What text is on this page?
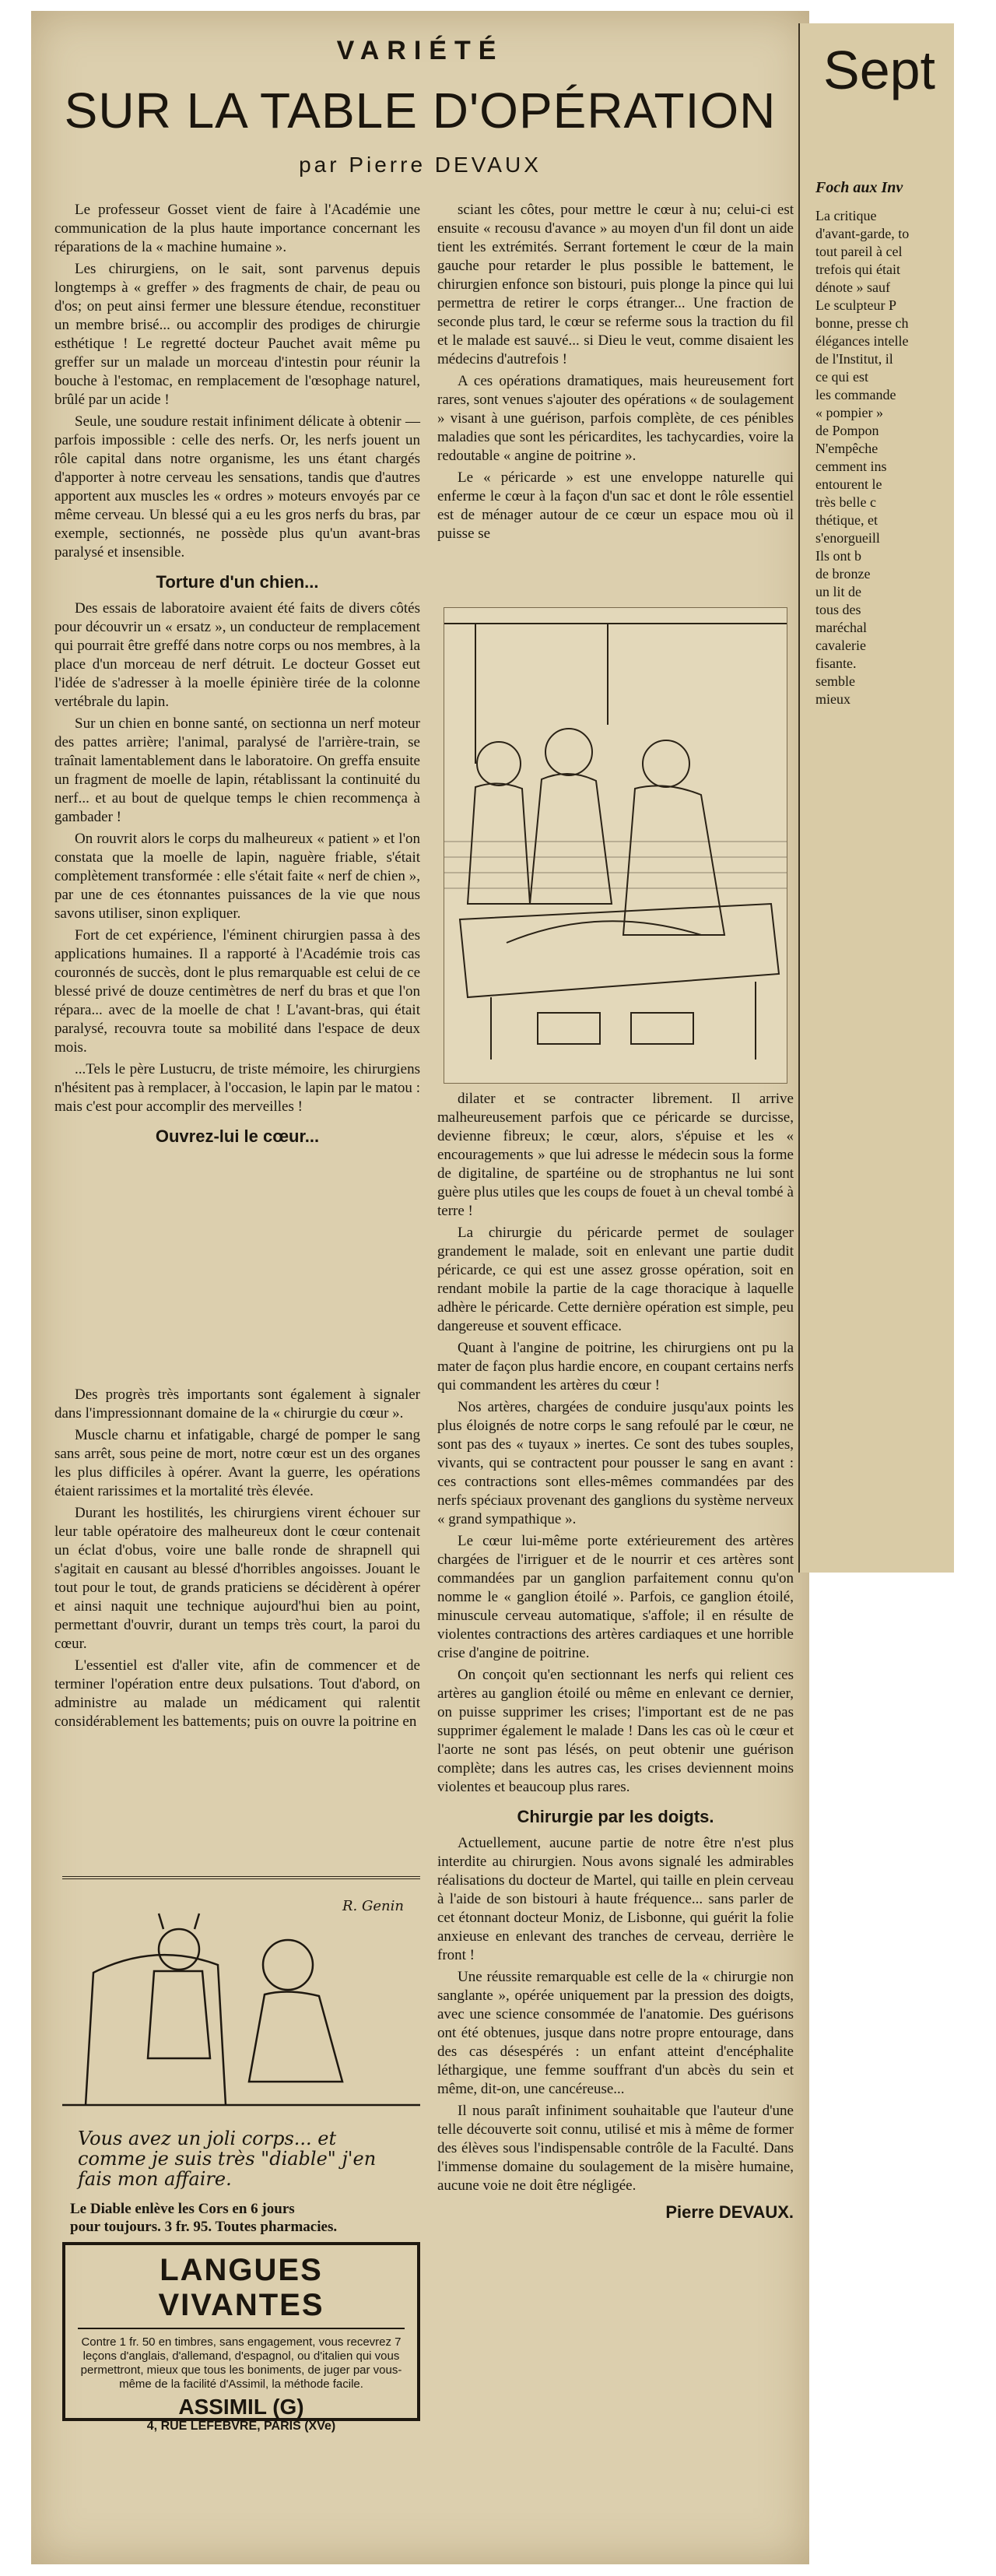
Sept
Foch aux Inv
La critique
d'avant-garde, to
tout pareil à cel
trefois qui était
dénote » sauf
Le sculpteur P
bonne, presse ch
élégances intelle
de l'Institut, il
ce qui est
les commande
« pompier »
de Pompon
N'empêche
cemment ins
entourent le
très belle c
thétique, et
s'enorgueill
Ils ont b
de bronze
un lit de
tous des
maréchal
cavalerie
fisante.
semble
mieux
VARIÉTÉ
SUR LA TABLE D'OPÉRATION
par Pierre DEVAUX

Le professeur Gosset vient de faire à l'Académie une communication de la plus haute importance concernant les réparations de la « machine humaine ».

Les chirurgiens, on le sait, sont parvenus depuis longtemps à « greffer » des fragments de chair, de peau ou d'os; on peut ainsi fermer une blessure étendue, reconstituer un membre brisé... ou accomplir des prodiges de chirurgie esthétique ! Le regretté docteur Pauchet avait même pu greffer sur un malade un morceau d'intestin pour réunir la bouche à l'estomac, en remplacement de l'œsophage naturel, brûlé par un acide !

Seule, une soudure restait infiniment délicate à obtenir — parfois impossible : celle des nerfs. Or, les nerfs jouent un rôle capital dans notre organisme, les uns étant chargés d'apporter à notre cerveau les sensations, tandis que d'autres apportent aux muscles les « ordres » moteurs envoyés par ce même cerveau. Un blessé qui a eu les gros nerfs du bras, par exemple, sectionnés, ne possède plus qu'un avant-bras paralysé et insensible.

Torture d'un chien...

Des essais de laboratoire avaient été faits de divers côtés pour découvrir un « ersatz », un conducteur de remplacement qui pourrait être greffé dans notre corps ou nos membres, à la place d'un morceau de nerf détruit. Le docteur Gosset eut l'idée de s'adresser à la moelle épinière tirée de la colonne vertébrale du lapin.

Sur un chien en bonne santé, on sectionna un nerf moteur des pattes arrière; l'animal, paralysé de l'arrière-train, se traînait lamentablement dans le laboratoire. On greffa ensuite un fragment de moelle de lapin, rétablissant la continuité du nerf... et au bout de quelque temps le chien recommença à gambader !

On rouvrit alors le corps du malheureux « patient » et l'on constata que la moelle de lapin, naguère friable, s'était complètement transformée : elle s'était faite « nerf de chien », par une de ces étonnantes puissances de la vie que nous savons utiliser, sinon expliquer.

Fort de cet expérience, l'éminent chirurgien passa à des applications humaines. Il a rapporté à l'Académie trois cas couronnés de succès, dont le plus remarquable est celui de ce blessé privé de douze centimètres de nerf du bras et que l'on répara... avec de la moelle de chat ! L'avant-bras, qui était paralysé, recouvra toute sa mobilité dans l'espace de deux mois.

...Tels le père Lustucru, de triste mémoire, les chirurgiens n'hésitent pas à remplacer, à l'occasion, le lapin par le matou : mais c'est pour accomplir des merveilles !

Ouvrez-lui le cœur...

Des progrès très importants sont également à signaler dans l'impressionnant domaine de la « chirurgie du cœur ».

Muscle charnu et infatigable, chargé de pomper le sang sans arrêt, sous peine de mort, notre cœur est un des organes les plus difficiles à opérer. Avant la guerre, les opérations étaient rarissimes et la mortalité très élevée.

Durant les hostilités, les chirurgiens virent échouer sur leur table opératoire des malheureux dont le cœur contenait un éclat d'obus, voire une balle ronde de shrapnell qui s'agitait en causant au blessé d'horribles angoisses. Jouant le tout pour le tout, de grands praticiens se décidèrent à opérer et ainsi naquit une technique aujourd'hui bien au point, permettant d'ouvrir, durant un temps très court, la paroi du cœur.

L'essentiel est d'aller vite, afin de commencer et de terminer l'opération entre deux pulsations. Tout d'abord, on administre au malade un médicament qui ralentit considérablement les battements; puis on ouvre la poitrine en

sciant les côtes, pour mettre le cœur à nu; celui-ci est ensuite « recousu d'avance » au moyen d'un fil dont un aide tient les extrémités. Serrant fortement le cœur de la main gauche pour retarder le plus possible le battement, le chirurgien enfonce son bistouri, puis plonge la pince qui lui permettra de retirer le corps étranger... Une fraction de seconde plus tard, le cœur se referme sous la traction du fil et le malade est sauvé... si Dieu le veut, comme disaient les médecins d'autrefois !

A ces opérations dramatiques, mais heureusement fort rares, sont venues s'ajouter des opérations « de soulagement » visant à une guérison, parfois complète, de ces pénibles maladies que sont les péricardites, les tachycardies, voire la redoutable « angine de poitrine ».

Le « péricarde » est une enveloppe naturelle qui enferme le cœur à la façon d'un sac et dont le rôle essentiel est de ménager autour de ce cœur un espace mou où il puisse se

dilater et se contracter librement. Il arrive malheureusement parfois que ce péricarde se durcisse, devienne fibreux; le cœur, alors, s'épuise et les « encouragements » que lui adresse le médecin sous la forme de digitaline, de spartéine ou de strophantus ne lui sont guère plus utiles que les coups de fouet à un cheval tombé à terre !

La chirurgie du péricarde permet de soulager grandement le malade, soit en enlevant une partie dudit péricarde, ce qui est une assez grosse opération, soit en rendant mobile la partie de la cage thoracique à laquelle adhère le péricarde. Cette dernière opération est simple, peu dangereuse et souvent efficace.

Quant à l'angine de poitrine, les chirurgiens ont pu la mater de façon plus hardie encore, en coupant certains nerfs qui commandent les artères du cœur !

Nos artères, chargées de conduire jusqu'aux points les plus éloignés de notre corps le sang refoulé par le cœur, ne sont pas des « tuyaux » inertes. Ce sont des tubes souples, vivants, qui se contractent pour pousser le sang en avant : ces contractions sont elles-mêmes commandées par des nerfs spéciaux provenant des ganglions du système nerveux « grand sympathique ».

Le cœur lui-même porte extérieurement des artères chargées de l'irriguer et de le nourrir et ces artères sont commandées par un ganglion parfaitement connu qu'on nomme le « ganglion étoilé ». Parfois, ce ganglion étoilé, minuscule cerveau automatique, s'affole; il en résulte de violentes contractions des artères cardiaques et une horrible crise d'angine de poitrine.

On conçoit qu'en sectionnant les nerfs qui relient ces artères au ganglion étoilé ou même en enlevant ce dernier, on puisse supprimer les crises; l'important est de ne pas supprimer également le malade ! Dans les cas où le cœur et l'aorte ne sont pas lésés, on peut obtenir une guérison complète; dans les autres cas, les crises deviennent moins violentes et beaucoup plus rares.

Chirurgie par les doigts.

Actuellement, aucune partie de notre être n'est plus interdite au chirurgien. Nous avons signalé les admirables réalisations du docteur de Martel, qui taille en plein cerveau à l'aide de son bistouri à haute fréquence... sans parler de cet étonnant docteur Moniz, de Lisbonne, qui guérit la folie anxieuse en enlevant des tranches de cerveau, derrière le front !

Une réussite remarquable est celle de la « chirurgie non sanglante », opérée uniquement par la pression des doigts, avec une science consommée de l'anatomie. Des guérisons ont été obtenues, jusque dans notre propre entourage, dans des cas désespérés : un enfant atteint d'encéphalite léthargique, une femme souffrant d'un abcès du sein et même, dit-on, une cancéreuse...

Il nous paraît infiniment souhaitable que l'auteur d'une telle découverte soit connu, utilisé et mis à même de former des élèves sous l'indispensable contrôle de la Faculté. Dans l'immense domaine du soulagement de la misère humaine, aucune voie ne doit être négligée.

Pierre DEVAUX.
R. Genin
Vous avez un joli corps... et comme je suis très "diable" j'en fais mon affaire.
Le Diable enlève les Cors en 6 jours
pour toujours. 3 fr. 95. Toutes pharmacies.
LANGUES VIVANTES
Contre 1 fr. 50 en timbres, sans engagement, vous recevrez 7 leçons d'anglais, d'allemand, d'espagnol, ou d'italien qui vous permettront, mieux que tous les boniments, de juger par vous-même de la facilité d'Assimil, la méthode facile.
ASSIMIL (G)
4, RUE LEFEBVRE, PARIS (XVe)
